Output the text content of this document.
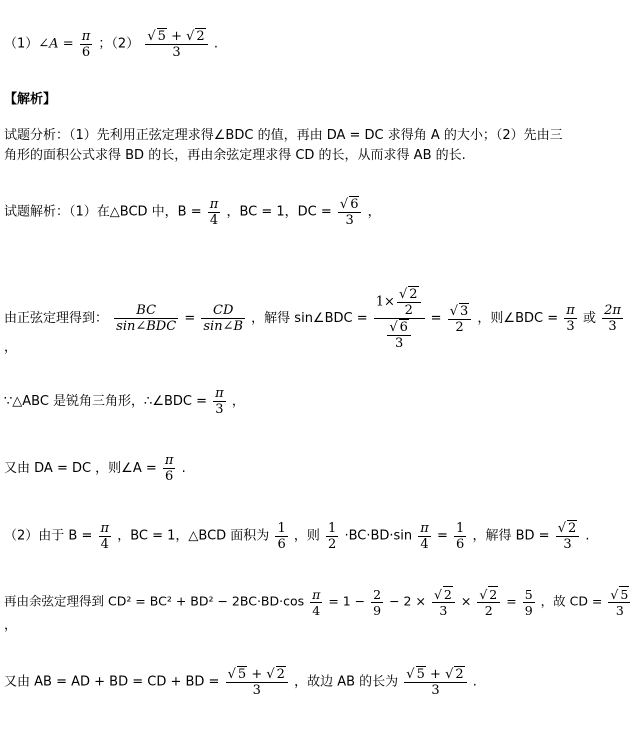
（1）∠A = $\frac{\pi}{6}$ ；$(2) \frac{√ 5 + √ 2}{3}$ .
【解析】
试题分析：（1）先利用正弦定理求得∠BDC 的值，再由 DA = DC 求得角 A 的大小；（2）先由三
角形的面积公式求得 BD 的长，再由余弦定理求得 CD 的长，从而求得 AB 的长.
试题解析：（1）在△BCD 中，$B = \frac{\pi}{4}$ ，BC = 1，DC = $\frac{√ 6}{3}$ ，
由正弦定理得到： $\frac{BC}{\text{sin∠BDC}} = \frac{CD}{\sin\angle B}$ ，解得 sin∠BDC = $\frac{1\times \frac{√ 2}{2}}{\frac{√ 6}{3}} = \frac{√ 3}{2}$ ，则∠BDC = $\frac{\pi}{3}$ 或 $\frac{2\pi}{3}$
，
∵△ABC 是锐角三角形，∴∠BDC = $\frac{\pi}{3}$ ，
又由 DA = DC ，则∠A = $\frac{\pi}{6}$ .
（2）由于 $B = \frac{\pi}{4}$ ，BC = 1，△BCD 面积为 $\frac{1}{6}$ ，则 $\frac{1}{2} \cdot BC\cdot BD\cdot\sin \frac{\pi}{4} = \frac{1}{6}$ ，解得 BD = $\frac{√ 2}{3}$ .
再由余弦定理得到 $CD^2 = BC^2 + BD^2 - 2BC\cdot BD\cdot\cos \frac{\pi}{4} = 1 - \frac{2}{9} - 2 \times \frac{√ 2}{3} \times \frac{√ 2}{2} = \frac{5}{9}$ ，故 CD = $\frac{√ 5}{3}$
，
又由 AB = AD + BD = CD + BD = $\frac{√ 5 + √ 2}{3}$ ，故边 AB 的长为 $\frac{√ 5 + √ 2}{3}$ .
